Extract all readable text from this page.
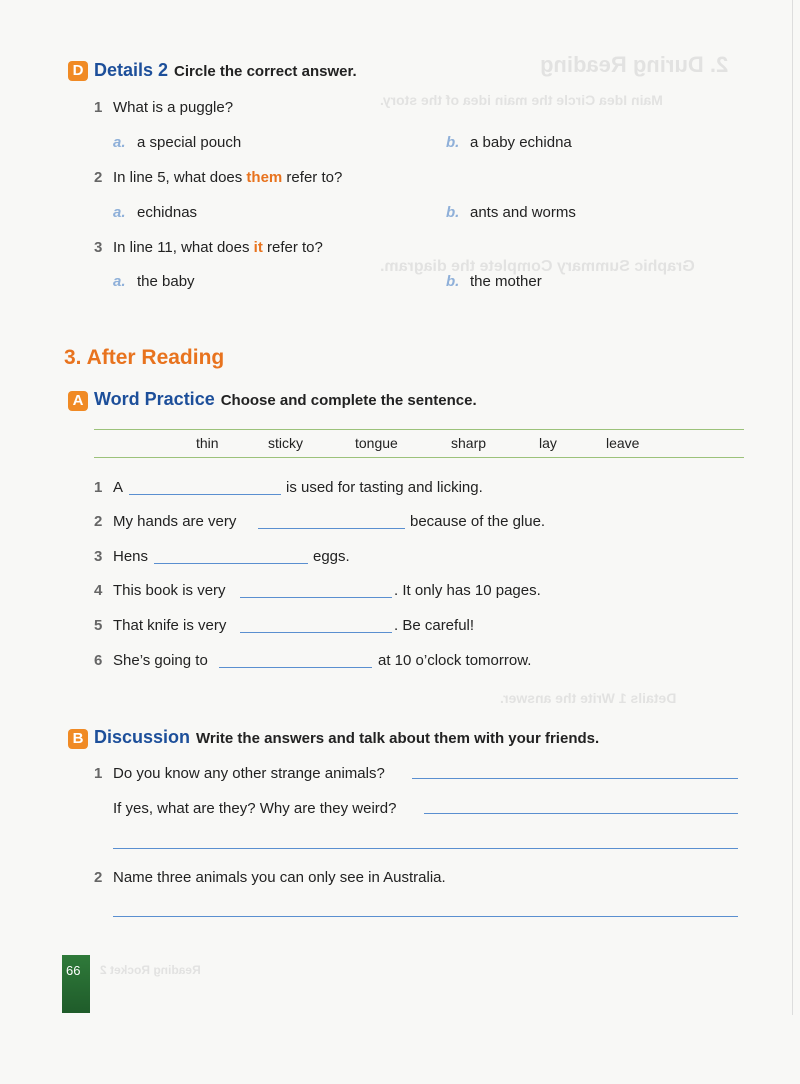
2. During Reading
Main Idea Circle the main idea of the story.
Graphic Summary Complete the diagram.
Details 1 Write the answer.
D Details 2 Circle the correct answer.
1 What is a puggle?
a. a special pouch	b. a baby echidna
2 In line 5, what does them refer to?
a. echidnas	b. ants and worms
3 In line 11, what does it refer to?
a. the baby	b. the mother
3. After Reading
A Word Practice Choose and complete the sentence.
thin	sticky	tongue	sharp	lay	leave
1 A	is used for tasting and licking.
2 My hands are very	because of the glue.
3 Hens	eggs.
4 This book is very	. It only has 10 pages.
5 That knife is very	. Be careful!
6 She’s going to	at 10 o’clock tomorrow.
B Discussion Write the answers and talk about them with your friends.
1 Do you know any other strange animals?
If yes, what are they? Why are they weird?
2 Name three animals you can only see in Australia.
66 Reading Rocket 2
